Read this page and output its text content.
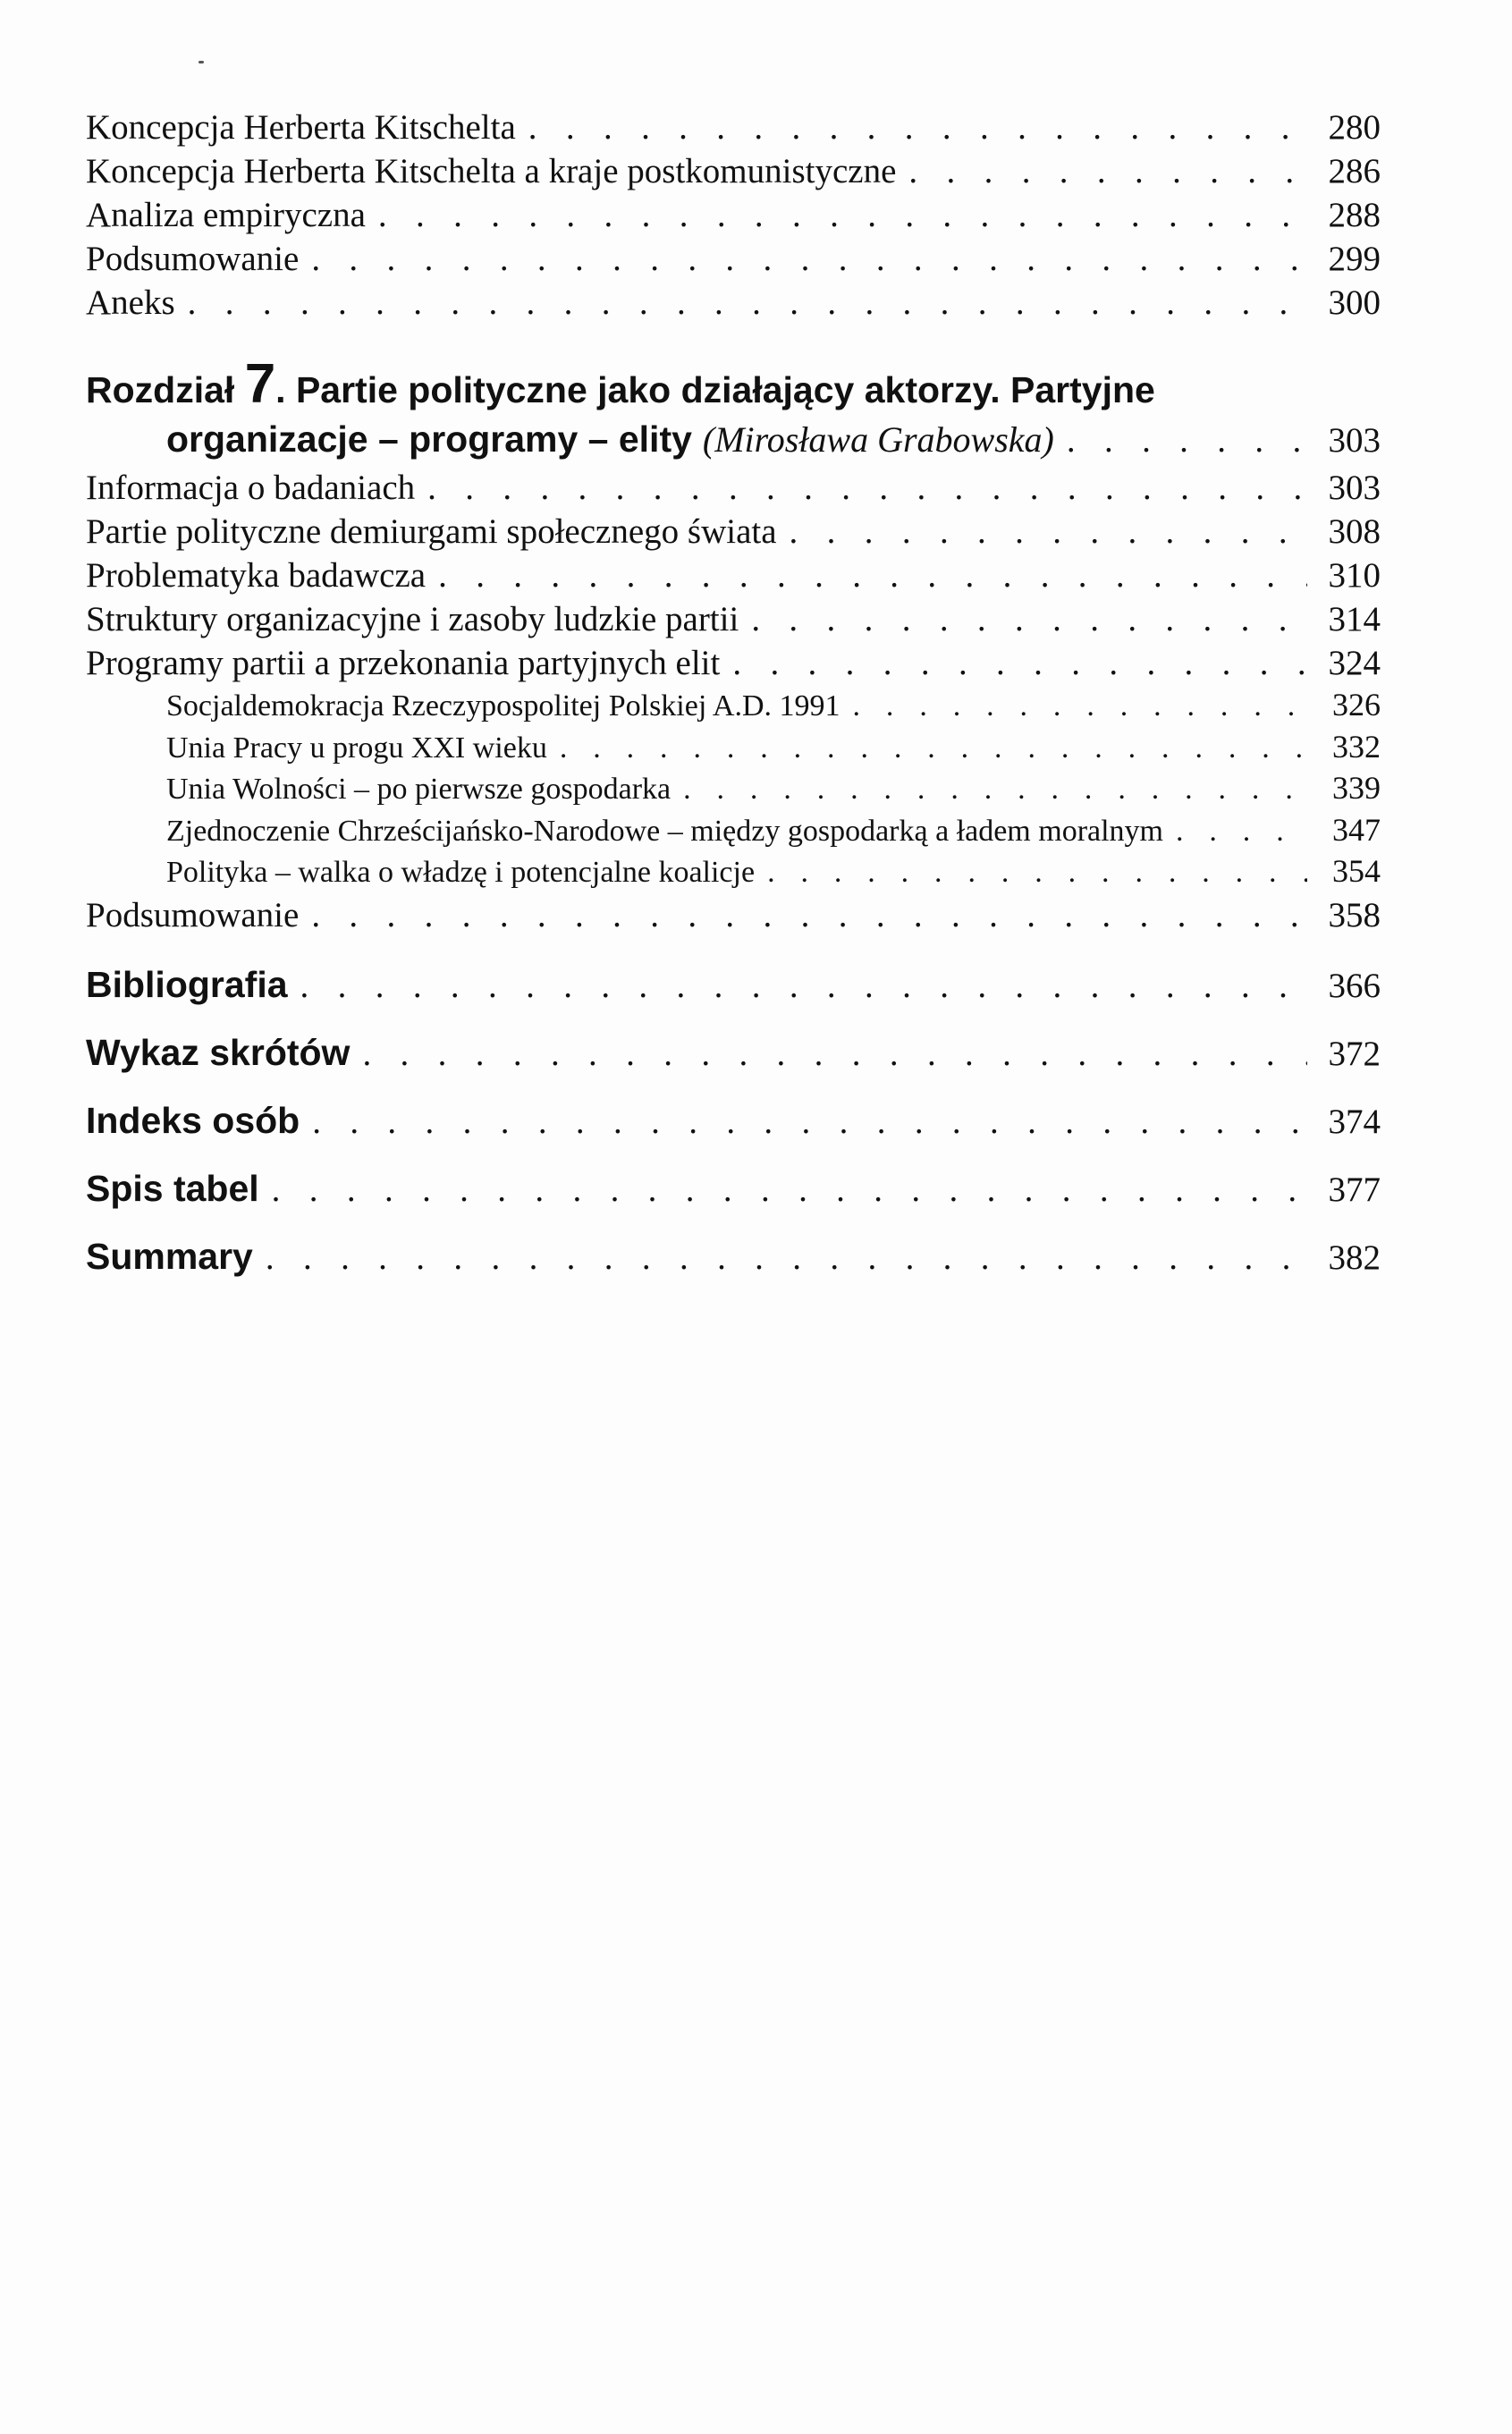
Koncepcja Herberta Kitschelta . . .	280
Koncepcja Herberta Kitschelta a kraje postkomunistyczne . . .	286
Analiza empiryczna . . .	288
Podsumowanie . . .	299
Aneks . . .	300
Rozdział 7. Partie polityczne jako działający aktorzy. Partyjne
organizacje – programy – elity (Mirosława Grabowska) . . .	303
Informacja o badaniach . . .	303
Partie polityczne demiurgami społecznego świata . . .	308
Problematyka badawcza . . .	310
Struktury organizacyjne i zasoby ludzkie partii . . .	314
Programy partii a przekonania partyjnych elit . . .	324
Socjaldemokracja Rzeczypospolitej Polskiej A.D. 1991 . . .	326
Unia Pracy u progu XXI wieku . . .	332
Unia Wolności – po pierwsze gospodarka . . .	339
Zjednoczenie Chrześcijańsko-Narodowe – między gospodarką a ładem moralnym . . .	347
Polityka – walka o władzę i potencjalne koalicje . . .	354
Podsumowanie . . .	358
Bibliografia . . .	366
Wykaz skrótów . . .	372
Indeks osób . . .	374
Spis tabel . . .	377
Summary . . .	382
